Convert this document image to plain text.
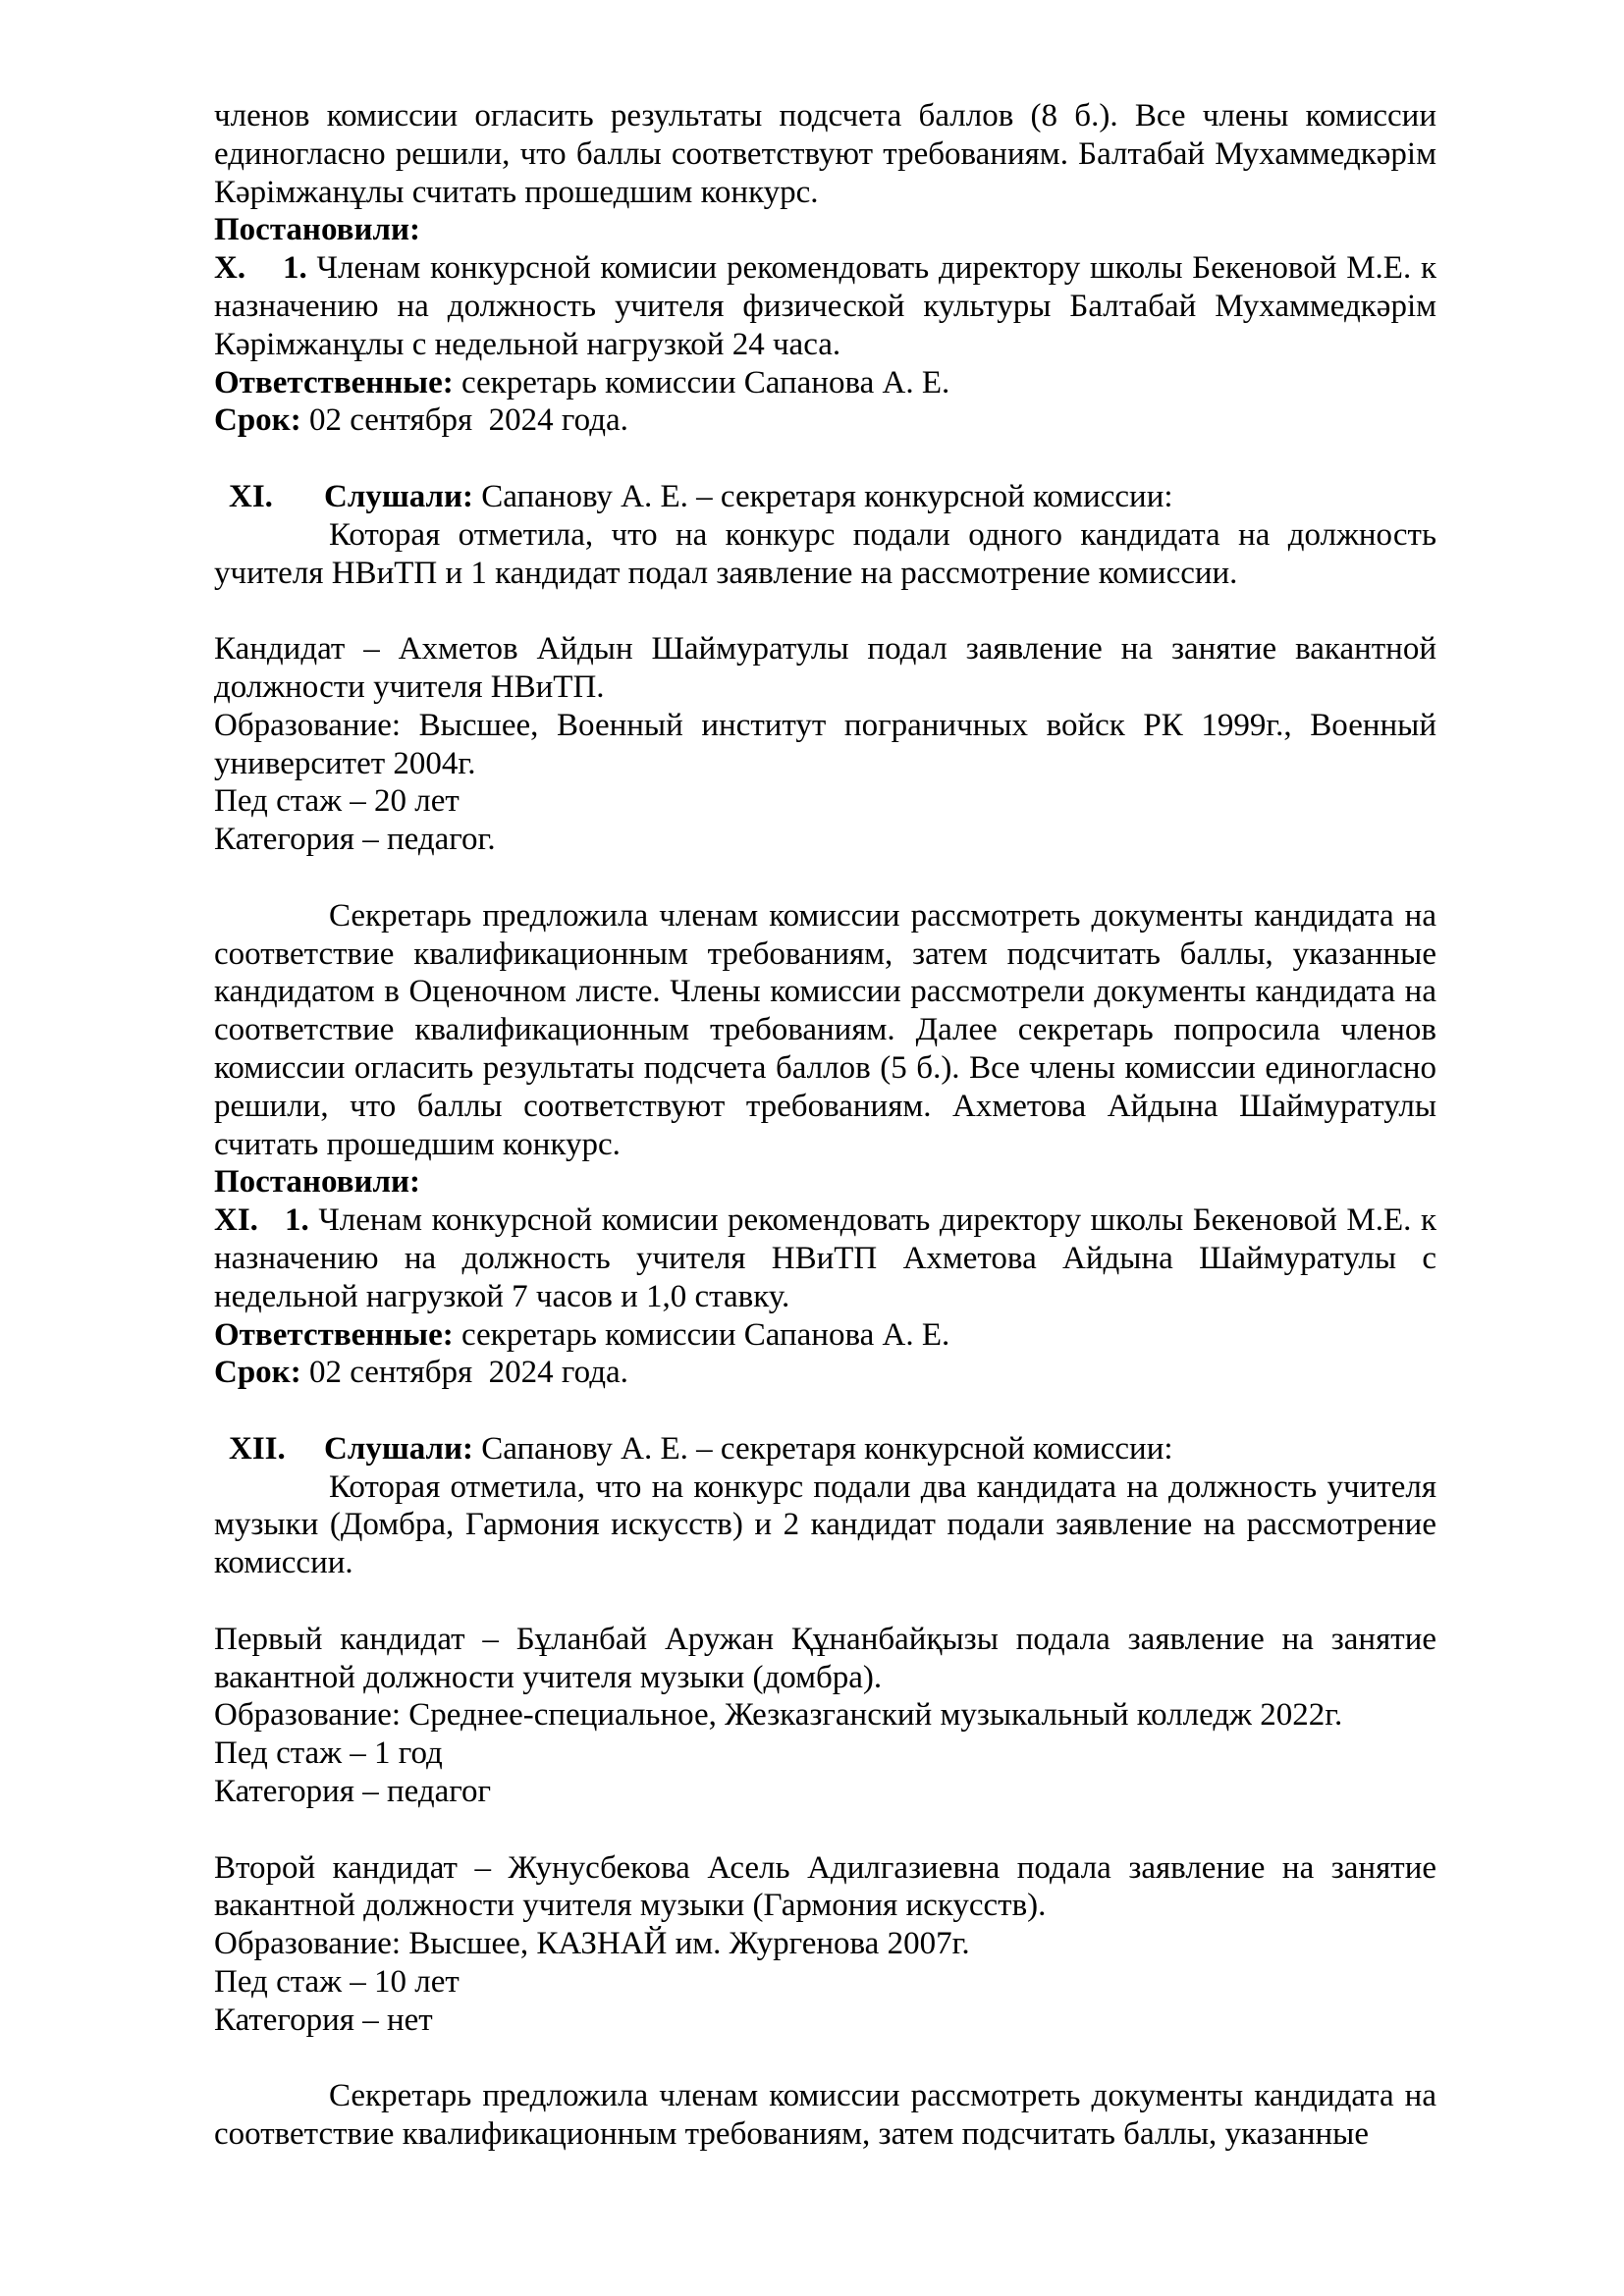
членов комиссии огласить результаты подсчета баллов (8 б.). Все члены комиссии единогласно решили, что баллы соответствуют требованиям. Балтабай Мухаммедкәрім Кәрімжанұлы считать прошедшим конкурс.

Постановили:

X. 1. Членам конкурсной комисии рекомендовать директору школы Бекеновой М.Е. к назначению на должность учителя физической культуры Балтабай Мухаммедкәрім Кәрімжанұлы с недельной нагрузкой 24 часа.

Ответственные: секретарь комиссии Сапанова А. Е.

Срок: 02 сентября  2024 года.

XI. Слушали: Сапанову А. Е. – секретаря конкурсной комиссии:

Которая отметила, что на конкурс подали одного кандидата на должность учителя НВиТП и 1 кандидат подал заявление на рассмотрение комиссии.

Кандидат – Ахметов Айдын Шаймуратулы подал заявление на занятие вакантной должности учителя НВиТП.

Образование: Высшее, Военный институт пограничных войск РК 1999г., Военный университет 2004г.

Пед стаж – 20 лет

Категория – педагог.

Секретарь предложила членам комиссии рассмотреть документы кандидата на соответствие квалификационным требованиям, затем подсчитать баллы, указанные кандидатом в Оценочном листе. Члены комиссии рассмотрели документы кандидата на соответствие квалификационным требованиям. Далее секретарь попросила членов комиссии огласить результаты подсчета баллов (5 б.). Все члены комиссии единогласно решили, что баллы соответствуют требованиям. Ахметова Айдына Шаймуратулы считать прошедшим конкурс.

Постановили:

XI. 1. Членам конкурсной комисии рекомендовать директору школы Бекеновой М.Е. к назначению на должность учителя НВиТП Ахметова Айдына Шаймуратулы с недельной нагрузкой 7 часов и 1,0 ставку.

Ответственные: секретарь комиссии Сапанова А. Е.

Срок: 02 сентября  2024 года.

XII. Слушали: Сапанову А. Е. – секретаря конкурсной комиссии:

Которая отметила, что на конкурс подали два кандидата на должность учителя музыки (Домбра, Гармония искусств) и 2 кандидат подали заявление на рассмотрение комиссии.

Первый кандидат – Бұланбай Аружан Құнанбайқызы подала заявление на занятие вакантной должности учителя музыки (домбра).

Образование: Среднее-специальное, Жезказганский музыкальный колледж 2022г.

Пед стаж – 1 год

Категория – педагог

Второй кандидат – Жунусбекова Асель Адилгазиевна подала заявление на занятие вакантной должности учителя музыки (Гармония искусств).

Образование: Высшее, КАЗНАЙ им. Жургенова 2007г.

Пед стаж – 10 лет

Категория – нет

Секретарь предложила членам комиссии рассмотреть документы кандидата на соответствие квалификационным требованиям, затем подсчитать баллы, указанные
